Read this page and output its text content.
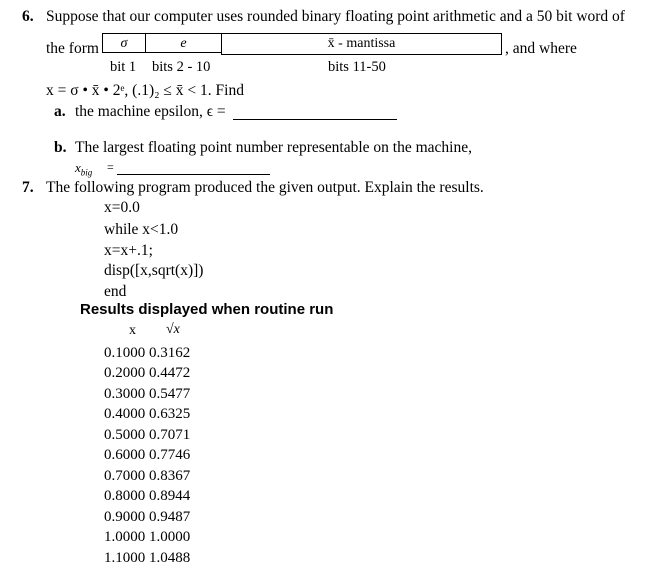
6. Suppose that our computer uses rounded binary floating point arithmetic and a 50 bit word of
the form	σ	e	x̄ - mantissa	, and where
bit 1 bits 2 - 10	bits 11-50
x = σ • x̄ • 2ᵉ, (.1)₂ ≤ x̄ < 1. Find
a. the machine epsilon, ϵ =
b. The largest floating point number representable on the machine,
$x_{big}$ =
7. The following program produced the given output. Explain the results.
x=0.0
while x<1.0
x=x+.1;
disp([x,sqrt(x)])
end
Results displayed when routine run
x √x
0.1000 0.3162
0.2000 0.4472
0.3000 0.5477
0.4000 0.6325
0.5000 0.7071
0.6000 0.7746
0.7000 0.8367
0.8000 0.8944
0.9000 0.9487
1.0000 1.0000
1.1000 1.0488
